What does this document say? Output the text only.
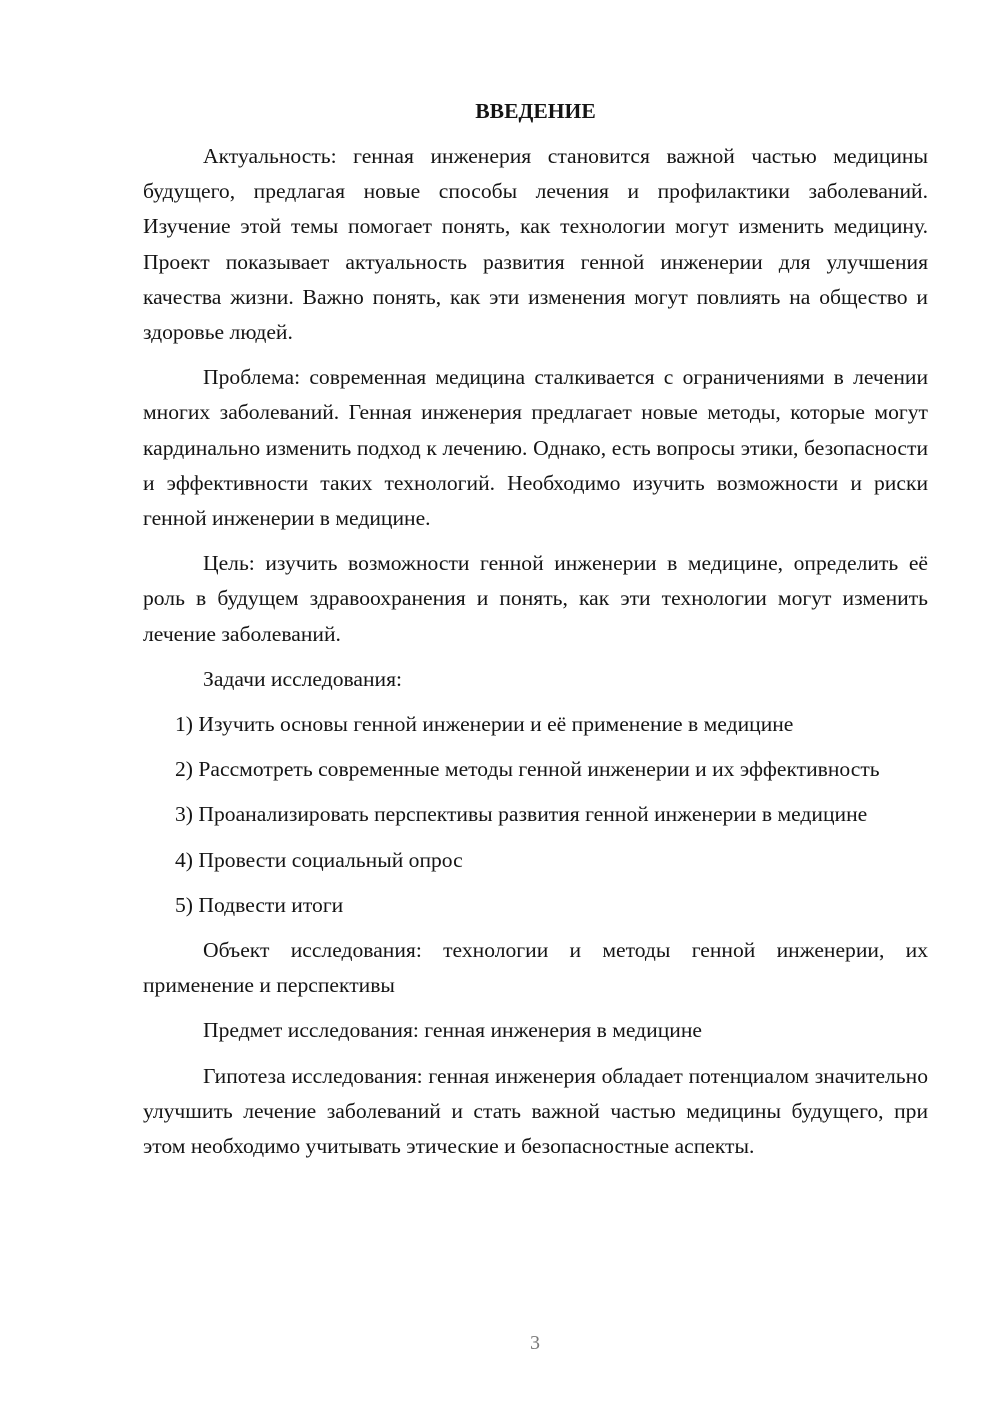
ВВЕДЕНИЕ

Актуальность: генная инженерия становится важной частью медицины будущего, предлагая новые способы лечения и профилактики заболеваний. Изучение этой темы помогает понять, как технологии могут изменить медицину. Проект показывает актуальность развития генной инженерии для улучшения качества жизни. Важно понять, как эти изменения могут повлиять на общество и здоровье людей.

Проблема: современная медицина сталкивается с ограничениями в лечении многих заболеваний. Генная инженерия предлагает новые методы, которые могут кардинально изменить подход к лечению. Однако, есть вопросы этики, безопасности и эффективности таких технологий. Необходимо изучить возможности и риски генной инженерии в медицине.

Цель: изучить возможности генной инженерии в медицине, определить её роль в будущем здравоохранения и понять, как эти технологии могут изменить лечение заболеваний.

Задачи исследования:

1) Изучить основы генной инженерии и её применение в медицине

2) Рассмотреть современные методы генной инженерии и их эффективность

3) Проанализировать перспективы развития генной инженерии в медицине

4) Провести социальный опрос

5) Подвести итоги

Объект исследования: технологии и методы генной инженерии, их применение и перспективы

Предмет исследования: генная инженерия в медицине

Гипотеза исследования: генная инженерия обладает потенциалом значительно улучшить лечение заболеваний и стать важной частью медицины будущего, при этом необходимо учитывать этические и безопасностные аспекты.

3
